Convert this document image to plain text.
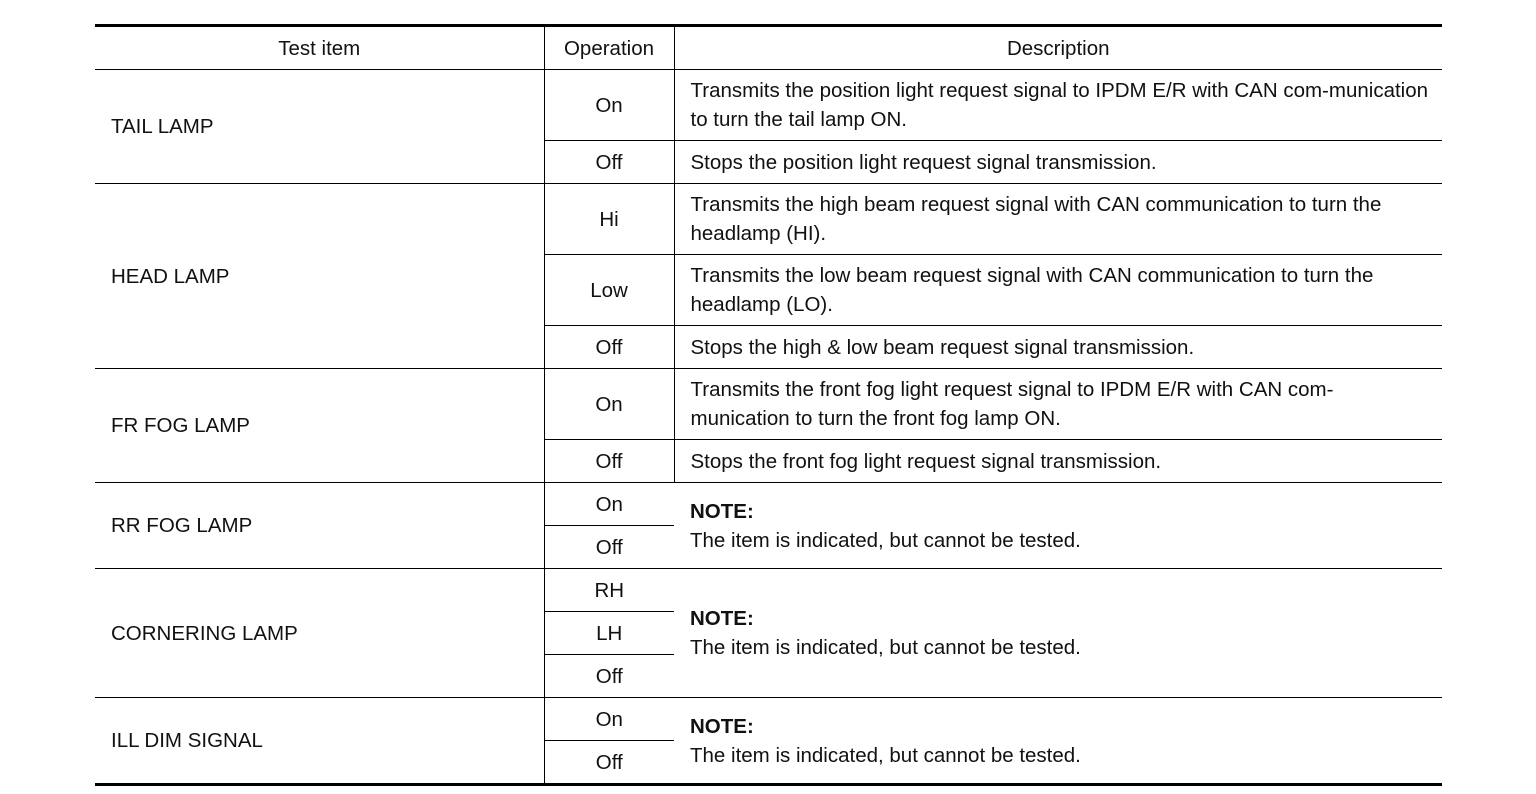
Test item	Operation	Description
TAIL LAMP	On	Transmits the position light request signal to IPDM E/R with CAN com-munication to turn the tail lamp ON.
	Off	Stops the position light request signal transmission.
HEAD LAMP	Hi	Transmits the high beam request signal with CAN communication to turn the headlamp (HI).
	Low	Transmits the low beam request signal with CAN communication to turn the headlamp (LO).
	Off	Stops the high & low beam request signal transmission.
FR FOG LAMP	On	Transmits the front fog light request signal to IPDM E/R with CAN com-munication to turn the front fog lamp ON.
	Off	Stops the front fog light request signal transmission.
RR FOG LAMP	On	NOTE:
The item is indicated, but cannot be tested.

	Off	
CORNERING LAMP	RH	NOTE:
The item is indicated, but cannot be tested.

	LH	
	Off	
ILL DIM SIGNAL	On	NOTE:
The item is indicated, but cannot be tested.

	Off	
